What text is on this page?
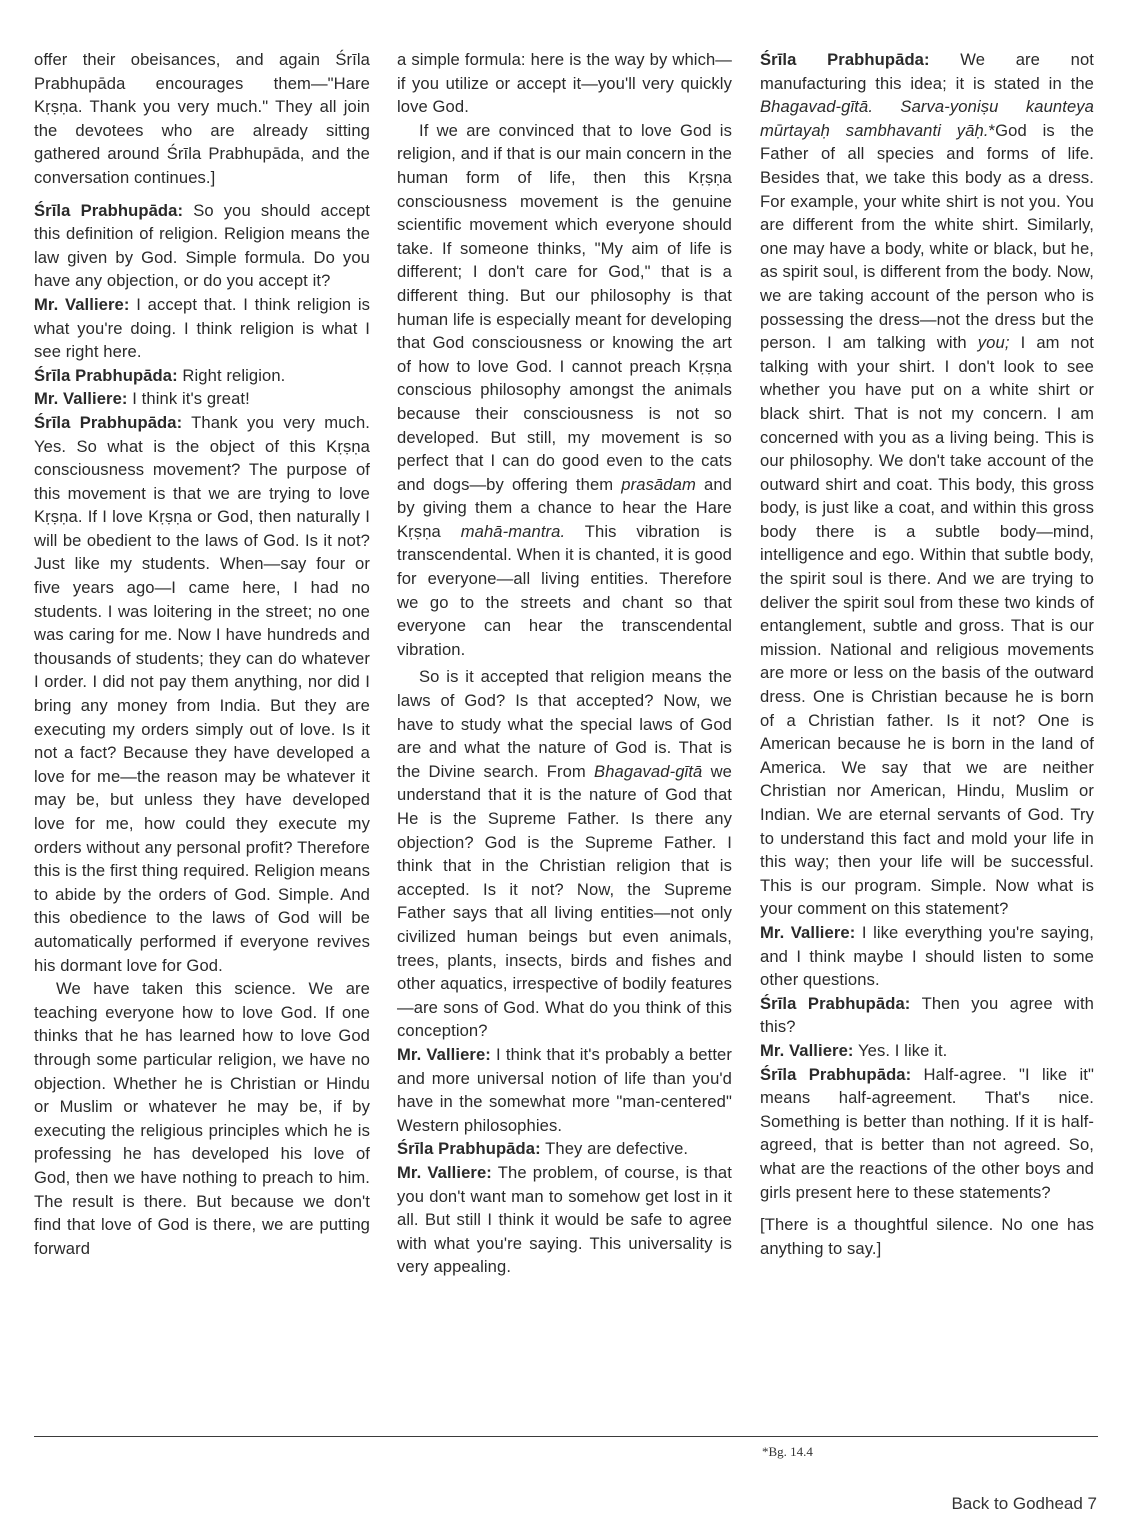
offer their obeisances, and again Śrīla Prabhupāda encourages them—"Hare Kṛṣṇa. Thank you very much." They all join the devotees who are already sitting gathered around Śrīla Prabhupāda, and the conversation continues.]

Śrīla Prabhupāda: So you should accept this definition of religion. Religion means the law given by God. Simple formula. Do you have any objection, or do you accept it?

Mr. Valliere: I accept that. I think religion is what you're doing. I think religion is what I see right here.

Śrīla Prabhupāda: Right religion.

Mr. Valliere: I think it's great!

Śrīla Prabhupāda: Thank you very much. Yes. So what is the object of this Kṛṣṇa consciousness movement? The purpose of this movement is that we are trying to love Kṛṣṇa. If I love Kṛṣṇa or God, then naturally I will be obedient to the laws of God. Is it not? Just like my students. When—say four or five years ago—I came here, I had no students. I was loitering in the street; no one was caring for me. Now I have hundreds and thousands of students; they can do whatever I order. I did not pay them anything, nor did I bring any money from India. But they are executing my orders simply out of love. Is it not a fact? Because they have developed a love for me—the reason may be whatever it may be, but unless they have developed love for me, how could they execute my orders without any personal profit? Therefore this is the first thing required. Religion means to abide by the orders of God. Simple. And this obedience to the laws of God will be automatically performed if everyone revives his dormant love for God.

We have taken this science. We are teaching everyone how to love God. If one thinks that he has learned how to love God through some particular religion, we have no objection. Whether he is Christian or Hindu or Muslim or whatever he may be, if by executing the religious principles which he is professing he has developed his love of God, then we have nothing to preach to him. The result is there. But because we don't find that love of God is there, we are putting forward

a simple formula: here is the way by which—if you utilize or accept it—you'll very quickly love God.

If we are convinced that to love God is religion, and if that is our main concern in the human form of life, then this Kṛṣṇa consciousness movement is the genuine scientific movement which everyone should take. If someone thinks, "My aim of life is different; I don't care for God," that is a different thing. But our philosophy is that human life is especially meant for developing that God consciousness or knowing the art of how to love God. I cannot preach Kṛṣṇa conscious philosophy amongst the animals because their consciousness is not so developed. But still, my movement is so perfect that I can do good even to the cats and dogs—by offering them prasādam and by giving them a chance to hear the Hare Kṛṣṇa mahā-mantra. This vibration is transcendental. When it is chanted, it is good for everyone—all living entities. Therefore we go to the streets and chant so that everyone can hear the transcendental vibration.

So is it accepted that religion means the laws of God? Is that accepted? Now, we have to study what the special laws of God are and what the nature of God is. That is the Divine search. From Bhagavad-gītā we understand that it is the nature of God that He is the Supreme Father. Is there any objection? God is the Supreme Father. I think that in the Christian religion that is accepted. Is it not? Now, the Supreme Father says that all living entities—not only civilized human beings but even animals, trees, plants, insects, birds and fishes and other aquatics, irrespective of bodily features—are sons of God. What do you think of this conception?

Mr. Valliere: I think that it's probably a better and more universal notion of life than you'd have in the somewhat more "man-centered" Western philosophies.

Śrīla Prabhupāda: They are defective.

Mr. Valliere: The problem, of course, is that you don't want man to somehow get lost in it all. But still I think it would be safe to agree with what you're saying. This universality is very appealing.

Śrīla Prabhupāda: We are not manufacturing this idea; it is stated in the Bhagavad-gītā. Sarva-yoniṣu kaunteya mūrtayaḥ sambhavanti yāḥ.*God is the Father of all species and forms of life. Besides that, we take this body as a dress. For example, your white shirt is not you. You are different from the white shirt. Similarly, one may have a body, white or black, but he, as spirit soul, is different from the body. Now, we are taking account of the person who is possessing the dress—not the dress but the person. I am talking with you; I am not talking with your shirt. I don't look to see whether you have put on a white shirt or black shirt. That is not my concern. I am concerned with you as a living being. This is our philosophy. We don't take account of the outward shirt and coat. This body, this gross body, is just like a coat, and within this gross body there is a subtle body—mind, intelligence and ego. Within that subtle body, the spirit soul is there. And we are trying to deliver the spirit soul from these two kinds of entanglement, subtle and gross. That is our mission. National and religious movements are more or less on the basis of the outward dress. One is Christian because he is born of a Christian father. Is it not? One is American because he is born in the land of America. We say that we are neither Christian nor American, Hindu, Muslim or Indian. We are eternal servants of God. Try to understand this fact and mold your life in this way; then your life will be successful. This is our program. Simple. Now what is your comment on this statement?

Mr. Valliere: I like everything you're saying, and I think maybe I should listen to some other questions.

Śrīla Prabhupāda: Then you agree with this?

Mr. Valliere: Yes. I like it.

Śrīla Prabhupāda: Half-agree. "I like it" means half-agreement. That's nice. Something is better than nothing. If it is half-agreed, that is better than not agreed. So, what are the reactions of the other boys and girls present here to these statements?

[There is a thoughtful silence. No one has anything to say.]

*Bg. 14.4
Back to Godhead 7
